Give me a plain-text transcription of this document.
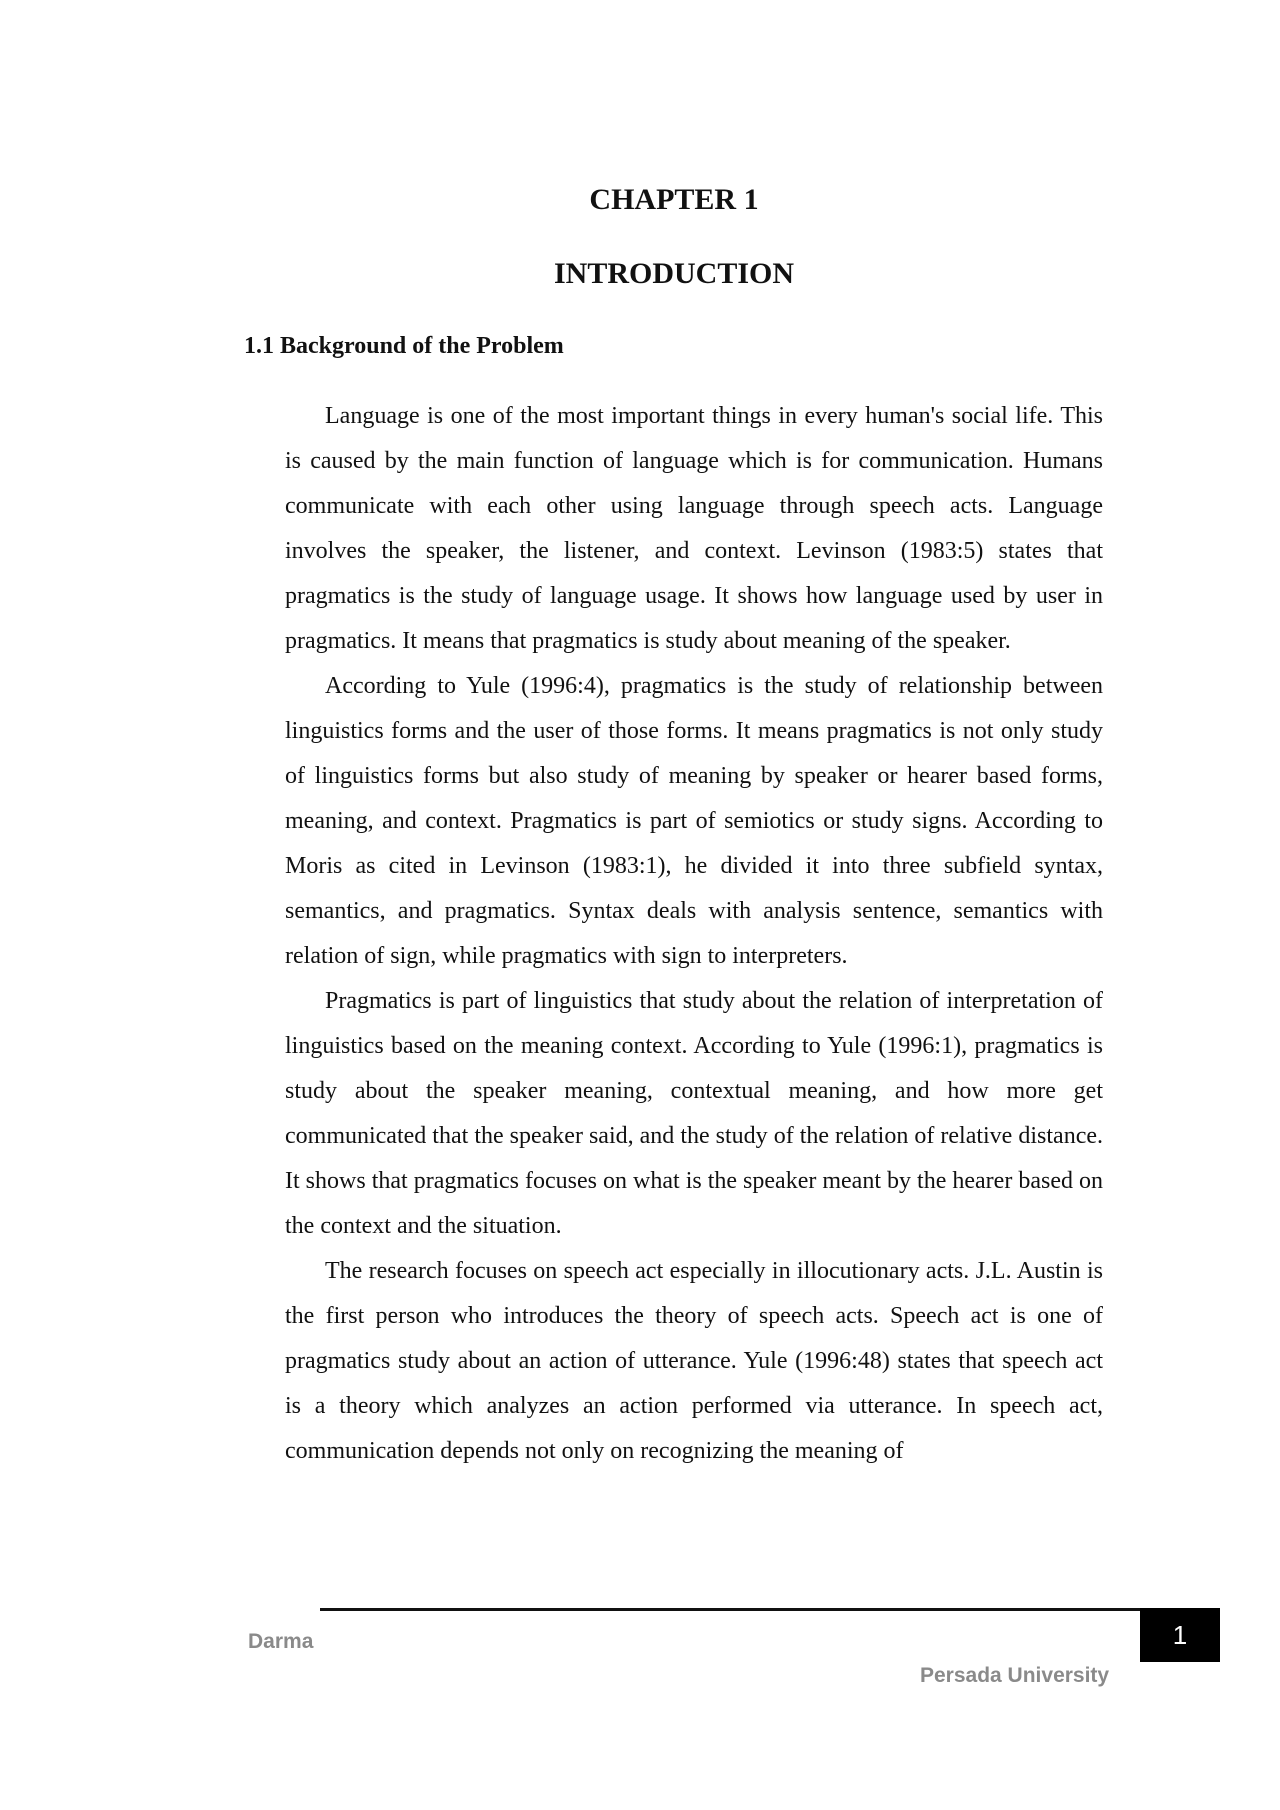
CHAPTER 1
INTRODUCTION
1.1 Background of the Problem

Language is one of the most important things in every human's social life. This is caused by the main function of language which is for communication. Humans communicate with each other using language through speech acts. Language involves the speaker, the listener, and context. Levinson (1983:5) states that pragmatics is the study of language usage. It shows how language used by user in pragmatics. It means that pragmatics is study about meaning of the speaker.

According to Yule (1996:4), pragmatics is the study of relationship between linguistics forms and the user of those forms. It means pragmatics is not only study of linguistics forms but also study of meaning by speaker or hearer based forms, meaning, and context. Pragmatics is part of semiotics or study signs. According to Moris as cited in Levinson (1983:1), he divided it into three subfield syntax, semantics, and pragmatics. Syntax deals with analysis sentence, semantics with relation of sign, while pragmatics with sign to interpreters.

Pragmatics is part of linguistics that study about the relation of interpretation of linguistics based on the meaning context. According to Yule (1996:1), pragmatics is study about the speaker meaning, contextual meaning, and how more get communicated that the speaker said, and the study of the relation of relative distance. It shows that pragmatics focuses on what is the speaker meant by the hearer based on the context and the situation.

The research focuses on speech act especially in illocutionary acts. J.L. Austin is the first person who introduces the theory of speech acts. Speech act is one of pragmatics study about an action of utterance. Yule (1996:48) states that speech act is a theory which analyzes an action performed via utterance. In speech act, communication depends not only on recognizing the meaning of

Darma
Persada University
1
